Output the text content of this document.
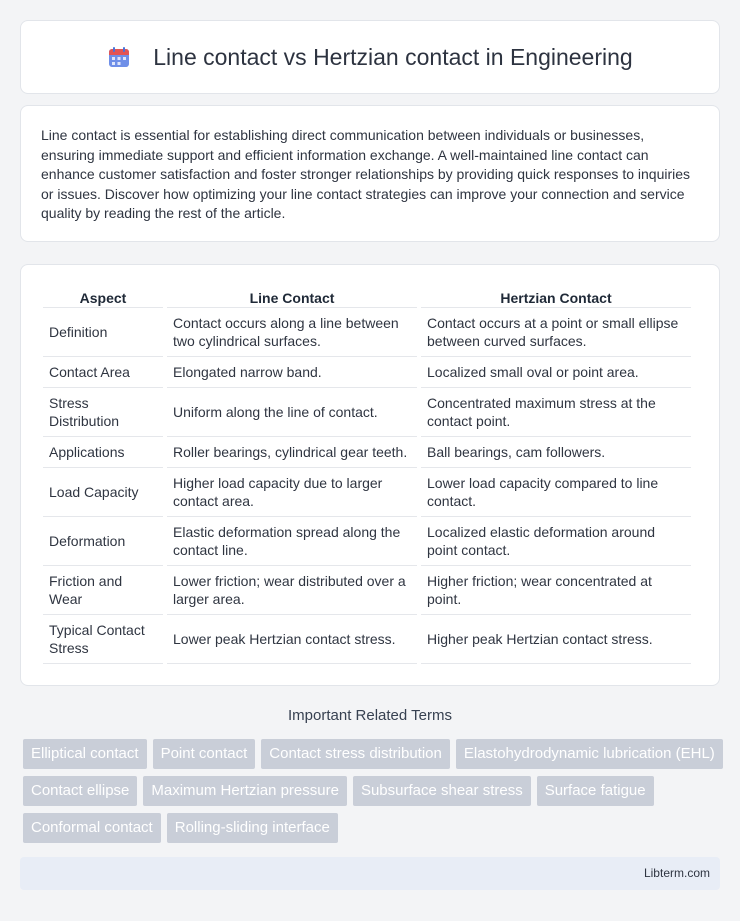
Line contact vs Hertzian contact in Engineering

Line contact is essential for establishing direct communication between individuals or businesses, ensuring immediate support and efficient information exchange. A well-maintained line contact can enhance customer satisfaction and foster stronger relationships by providing quick responses to inquiries or issues. Discover how optimizing your line contact strategies can improve your connection and service quality by reading the rest of the article.

Aspect	Line Contact	Hertzian Contact
Definition	Contact occurs along a line between two cylindrical surfaces.	Contact occurs at a point or small ellipse between curved surfaces.
Contact Area	Elongated narrow band.	Localized small oval or point area.
Stress Distribution	Uniform along the line of contact.	Concentrated maximum stress at the contact point.
Applications	Roller bearings, cylindrical gear teeth.	Ball bearings, cam followers.
Load Capacity	Higher load capacity due to larger contact area.	Lower load capacity compared to line contact.
Deformation	Elastic deformation spread along the contact line.	Localized elastic deformation around point contact.
Friction and Wear	Lower friction; wear distributed over a larger area.	Higher friction; wear concentrated at point.
Typical Contact Stress	Lower peak Hertzian contact stress.	Higher peak Hertzian contact stress.
Important Related Terms
Elliptical contact	Point contact	Contact stress distribution	Elastohydrodynamic lubrication (EHL)
Contact ellipse	Maximum Hertzian pressure	Subsurface shear stress	Surface fatigue
Conformal contact	Rolling-sliding interface
Libterm.com
